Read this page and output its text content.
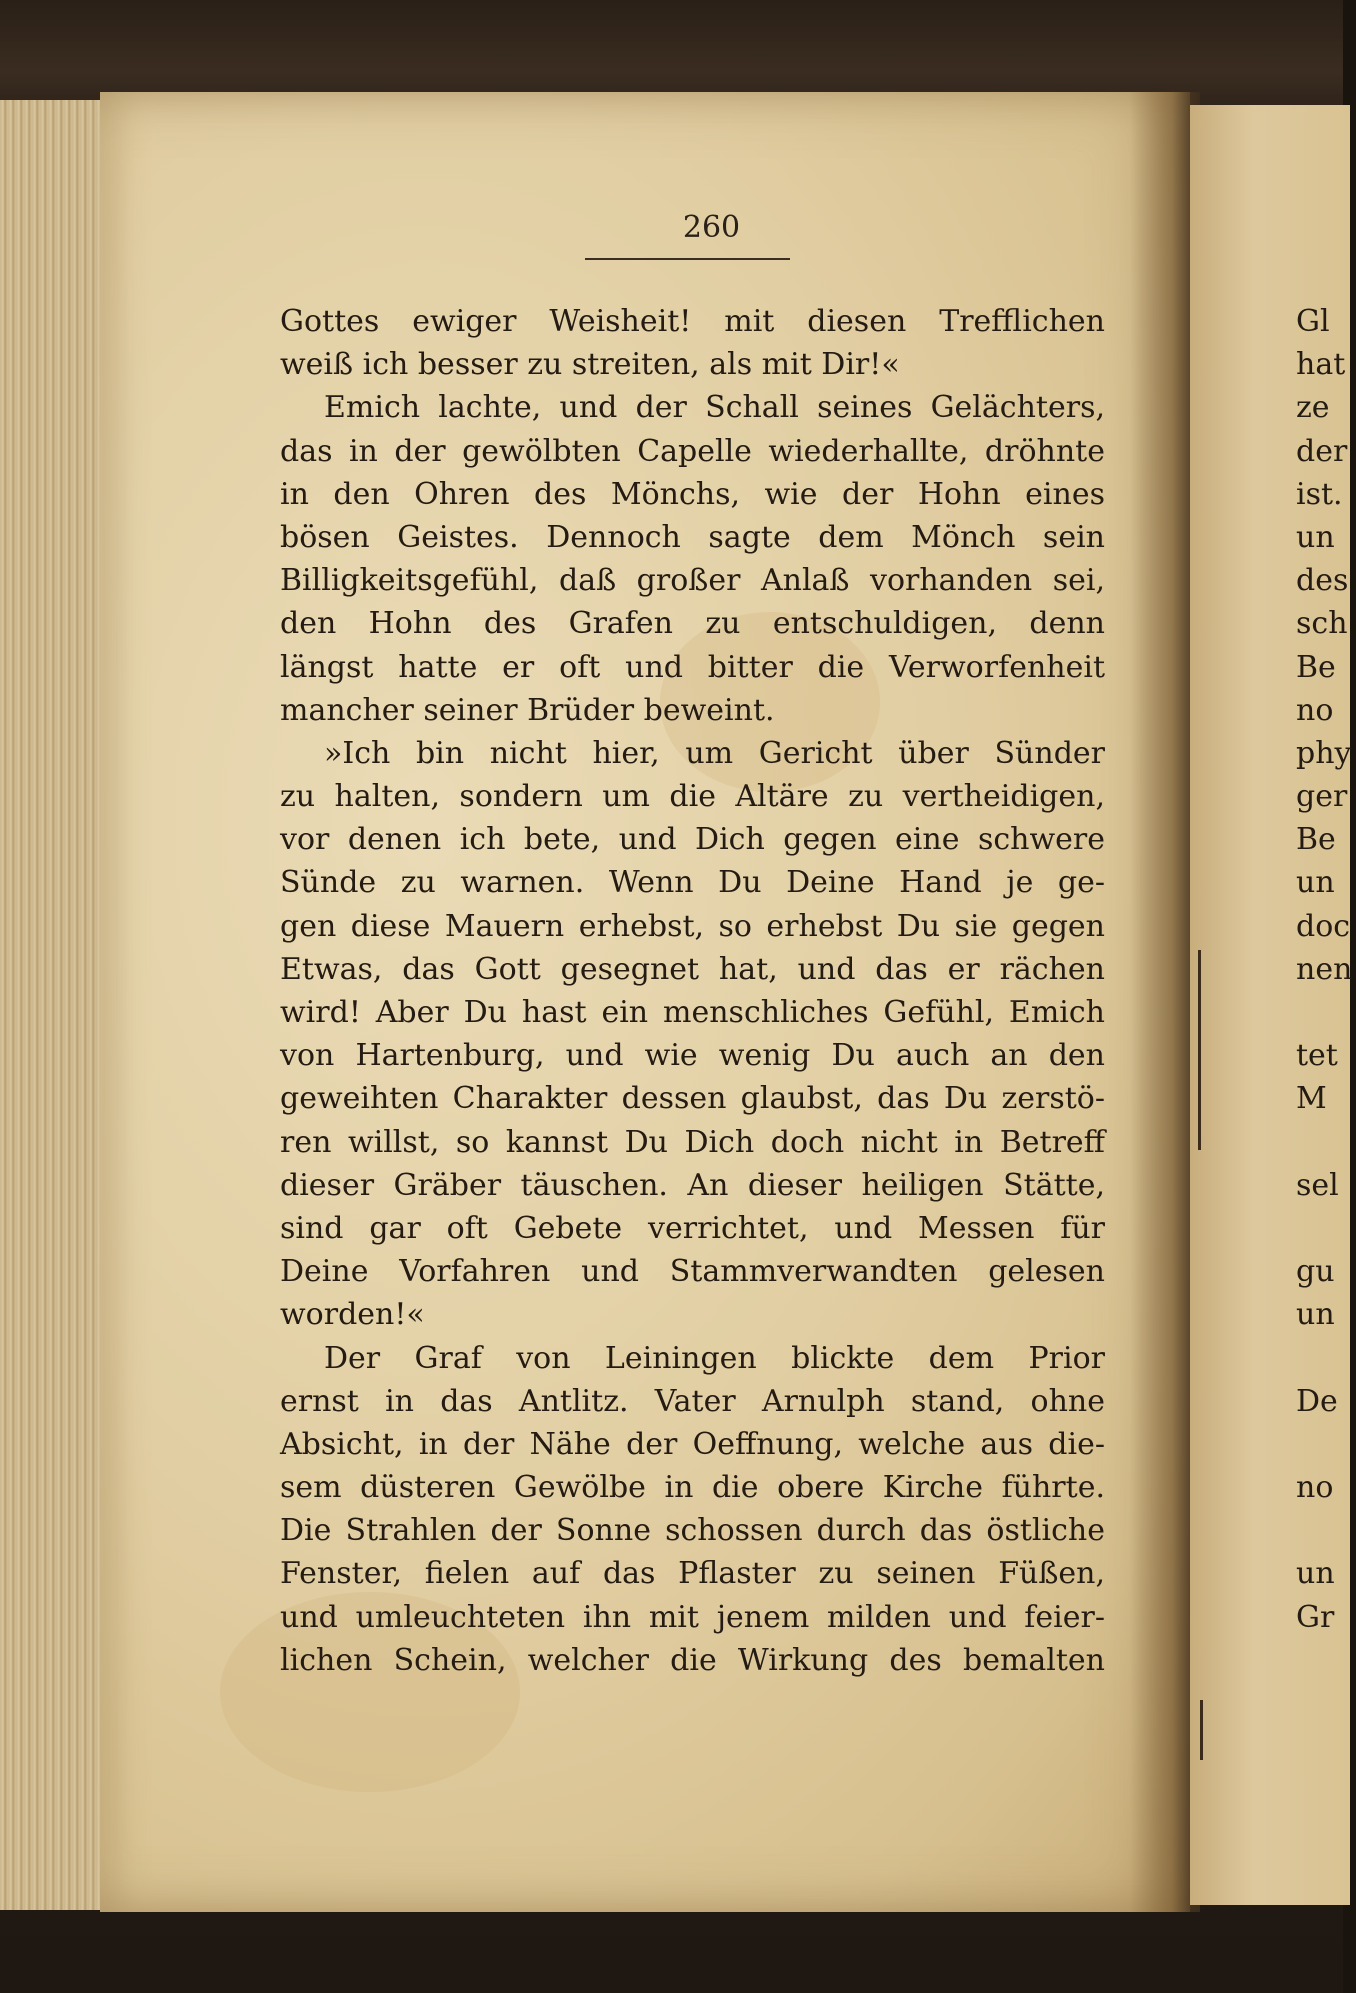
260
Gottes ewiger Weisheit! mit diesen Trefflichen
weiß ich besser zu streiten, als mit Dir!«
Emich lachte, und der Schall seines Gelächters,
das in der gewölbten Capelle wiederhallte, dröhnte
in den Ohren des Mönchs, wie der Hohn eines
bösen Geistes. Dennoch sagte dem Mönch sein
Billigkeitsgefühl, daß großer Anlaß vorhanden sei,
den Hohn des Grafen zu entschuldigen, denn
längst hatte er oft und bitter die Verworfenheit
mancher seiner Brüder beweint.
»Ich bin nicht hier, um Gericht über Sünder
zu halten, sondern um die Altäre zu vertheidigen,
vor denen ich bete, und Dich gegen eine schwere
Sünde zu warnen. Wenn Du Deine Hand je ge-
gen diese Mauern erhebst, so erhebst Du sie gegen
Etwas, das Gott gesegnet hat, und das er rächen
wird! Aber Du hast ein menschliches Gefühl, Emich
von Hartenburg, und wie wenig Du auch an den
geweihten Charakter dessen glaubst, das Du zerstö-
ren willst, so kannst Du Dich doch nicht in Betreff
dieser Gräber täuschen. An dieser heiligen Stätte,
sind gar oft Gebete verrichtet, und Messen für
Deine Vorfahren und Stammverwandten gelesen
worden!«
Der Graf von Leiningen blickte dem Prior
ernst in das Antlitz. Vater Arnulph stand, ohne
Absicht, in der Nähe der Oeffnung, welche aus die-
sem düsteren Gewölbe in die obere Kirche führte.
Die Strahlen der Sonne schossen durch das östliche
Fenster, fielen auf das Pflaster zu seinen Füßen,
und umleuchteten ihn mit jenem milden und feier-
lichen Schein, welcher die Wirkung des bemalten
Gl
hat
ze
der
ist.
un
des
sch
Be
no
phy
ger
Be
un
doc
nen
tet
M
sel
gu
un
De
no
un
Gr
